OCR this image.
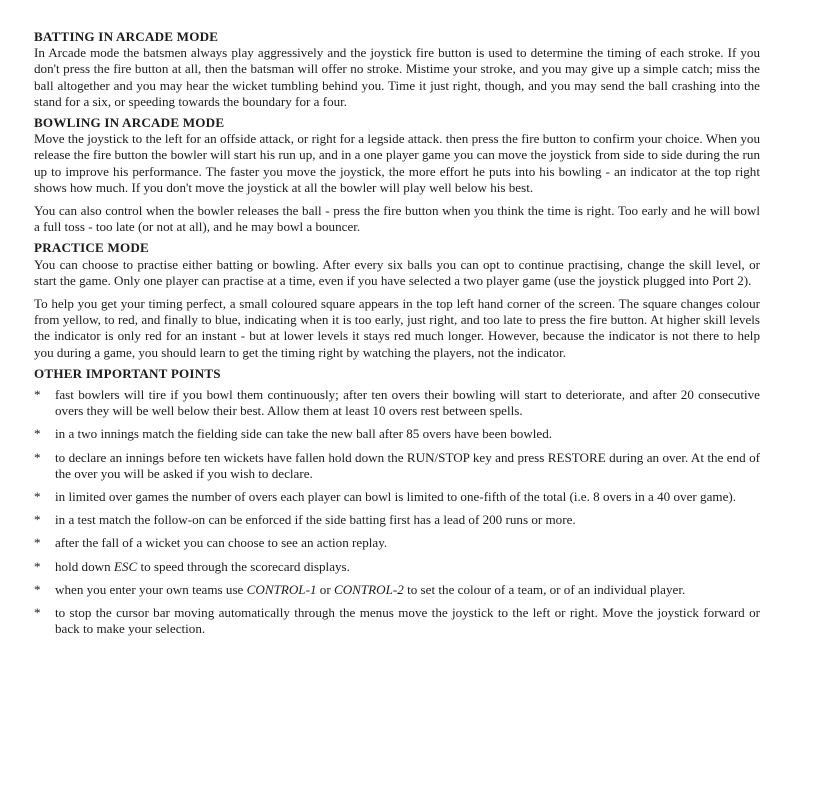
BATTING IN ARCADE MODE

In Arcade mode the batsmen always play aggressively and the joystick fire button is used to determine the timing of each stroke. If you don't press the fire button at all, then the batsman will offer no stroke. Mistime your stroke, and you may give up a simple catch; miss the ball altogether and you may hear the wicket tumbling behind you. Time it just right, though, and you may send the ball crashing into the stand for a six, or speeding towards the boundary for a four.

BOWLING IN ARCADE MODE

Move the joystick to the left for an offside attack, or right for a legside attack. then press the fire button to confirm your choice. When you release the fire button the bowler will start his run up, and in a one player game you can move the joystick from side to side during the run up to improve his performance. The faster you move the joystick, the more effort he puts into his bowling - an indicator at the top right shows how much. If you don't move the joystick at all the bowler will play well below his best.

You can also control when the bowler releases the ball - press the fire button when you think the time is right. Too early and he will bowl a full toss - too late (or not at all), and he may bowl a bouncer.

PRACTICE MODE

You can choose to practise either batting or bowling. After every six balls you can opt to continue practising, change the skill level, or start the game. Only one player can practise at a time, even if you have selected a two player game (use the joystick plugged into Port 2).

To help you get your timing perfect, a small coloured square appears in the top left hand corner of the screen. The square changes colour from yellow, to red, and finally to blue, indicating when it is too early, just right, and too late to press the fire button. At higher skill levels the indicator is only red for an instant - but at lower levels it stays red much longer. However, because the indicator is not there to help you during a game, you should learn to get the timing right by watching the players, not the indicator.

OTHER IMPORTANT POINTS
*	fast bowlers will tire if you bowl them continuously; after ten overs their bowling will start to deteriorate, and after 20 consecutive overs they will be well below their best. Allow them at least 10 overs rest between spells.
*	in a two innings match the fielding side can take the new ball after 85 overs have been bowled.
*	to declare an innings before ten wickets have fallen hold down the RUN/STOP key and press RESTORE during an over. At the end of the over you will be asked if you wish to declare.
*	in limited over games the number of overs each player can bowl is limited to one-fifth of the total (i.e. 8 overs in a 40 over game).
*	in a test match the follow-on can be enforced if the side batting first has a lead of 200 runs or more.
*	after the fall of a wicket you can choose to see an action replay.
*	hold down ESC to speed through the scorecard displays.
*	when you enter your own teams use CONTROL-1 or CONTROL-2 to set the colour of a team, or of an individual player.
*	to stop the cursor bar moving automatically through the menus move the joystick to the left or right. Move the joystick forward or back to make your selection.
